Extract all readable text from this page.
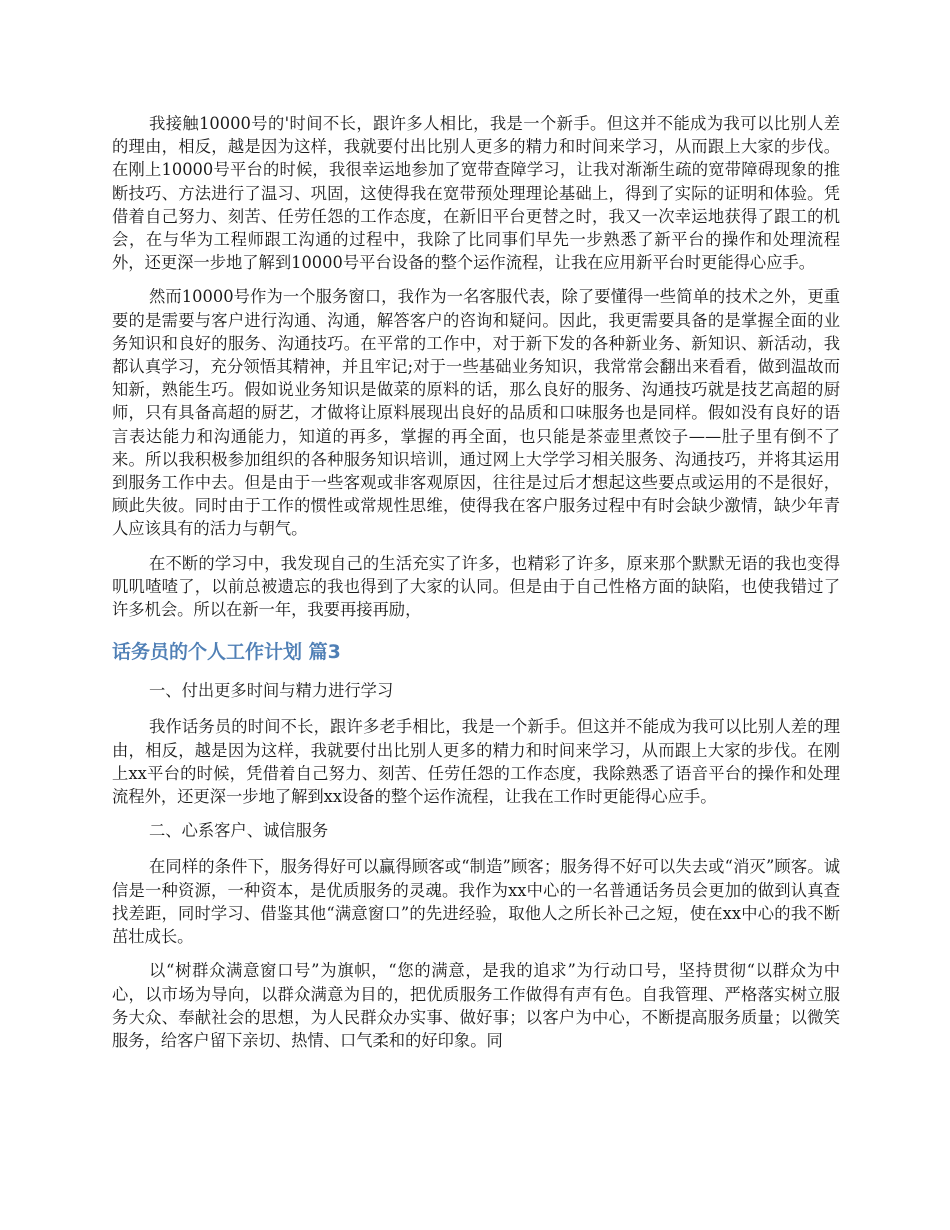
我接触10000号的'时间不长，跟许多人相比，我是一个新手。但这并不能成为我可以比别人差的理由，相反，越是因为这样，我就要付出比别人更多的精力和时间来学习，从而跟上大家的步伐。在刚上10000号平台的时候，我很幸运地参加了宽带查障学习，让我对渐渐生疏的宽带障碍现象的推断技巧、方法进行了温习、巩固，这使得我在宽带预处理理论基础上，得到了实际的证明和体验。凭借着自己努力、刻苦、任劳任怨的工作态度，在新旧平台更替之时，我又一次幸运地获得了跟工的机会，在与华为工程师跟工沟通的过程中，我除了比同事们早先一步熟悉了新平台的操作和处理流程外，还更深一步地了解到10000号平台设备的整个运作流程，让我在应用新平台时更能得心应手。

然而10000号作为一个服务窗口，我作为一名客服代表，除了要懂得一些简单的技术之外，更重要的是需要与客户进行沟通、沟通，解答客户的咨询和疑问。因此，我更需要具备的是掌握全面的业务知识和良好的服务、沟通技巧。在平常的工作中，对于新下发的各种新业务、新知识、新活动，我都认真学习，充分领悟其精神，并且牢记;对于一些基础业务知识，我常常会翻出来看看，做到温故而知新，熟能生巧。假如说业务知识是做菜的原料的话，那么良好的服务、沟通技巧就是技艺高超的厨师，只有具备高超的厨艺，才做将让原料展现出良好的品质和口味服务也是同样。假如没有良好的语言表达能力和沟通能力，知道的再多，掌握的再全面，也只能是茶壶里煮饺子——肚子里有倒不了来。所以我积极参加组织的各种服务知识培训，通过网上大学学习相关服务、沟通技巧，并将其运用到服务工作中去。但是由于一些客观或非客观原因，往往是过后才想起这些要点或运用的不是很好，顾此失彼。同时由于工作的惯性或常规性思维，使得我在客户服务过程中有时会缺少激情，缺少年青人应该具有的活力与朝气。

在不断的学习中，我发现自己的生活充实了许多，也精彩了许多，原来那个默默无语的我也变得叽叽喳喳了，以前总被遗忘的我也得到了大家的认同。但是由于自己性格方面的缺陷，也使我错过了许多机会。所以在新一年，我要再接再励，

话务员的个人工作计划 篇3

一、付出更多时间与精力进行学习

我作话务员的时间不长，跟许多老手相比，我是一个新手。但这并不能成为我可以比别人差的理由，相反，越是因为这样，我就要付出比别人更多的精力和时间来学习，从而跟上大家的步伐。在刚上xx平台的时候，凭借着自己努力、刻苦、任劳任怨的工作态度，我除熟悉了语音平台的操作和处理流程外，还更深一步地了解到xx设备的整个运作流程，让我在工作时更能得心应手。

二、心系客户、诚信服务

在同样的条件下，服务得好可以赢得顾客或“制造”顾客；服务得不好可以失去或“消灭”顾客。诚信是一种资源，一种资本，是优质服务的灵魂。我作为xx中心的一名普通话务员会更加的做到认真查找差距，同时学习、借鉴其他“满意窗口”的先进经验，取他人之所长补己之短，使在xx中心的我不断茁壮成长。

以“树群众满意窗口号”为旗帜，“您的满意，是我的追求”为行动口号，坚持贯彻“以群众为中心，以市场为导向，以群众满意为目的，把优质服务工作做得有声有色。自我管理、严格落实树立服务大众、奉献社会的思想，为人民群众办实事、做好事；以客户为中心，不断提高服务质量；以微笑服务，给客户留下亲切、热情、口气柔和的好印象。同
